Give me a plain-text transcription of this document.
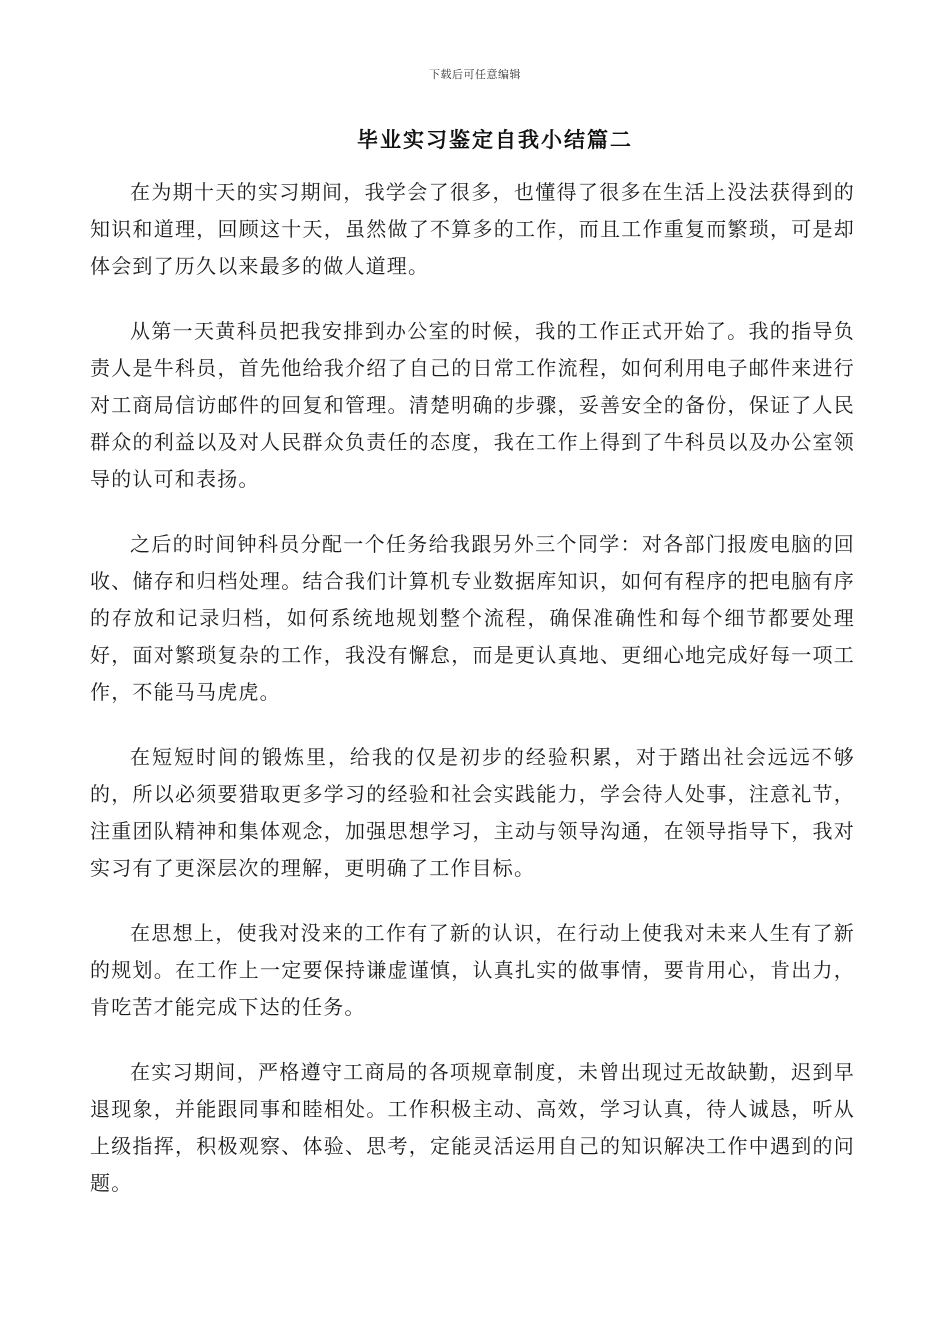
下载后可任意编辑
毕业实习鉴定自我小结篇二

在为期十天的实习期间，我学会了很多，也懂得了很多在生活上没法获得到的知识和道理，回顾这十天，虽然做了不算多的工作，而且工作重复而繁琐，可是却体会到了历久以来最多的做人道理。

从第一天黄科员把我安排到办公室的时候，我的工作正式开始了。我的指导负责人是牛科员，首先他给我介绍了自己的日常工作流程，如何利用电子邮件来进行对工商局信访邮件的回复和管理。清楚明确的步骤，妥善安全的备份，保证了人民群众的利益以及对人民群众负责任的态度，我在工作上得到了牛科员以及办公室领导的认可和表扬。

之后的时间钟科员分配一个任务给我跟另外三个同学：对各部门报废电脑的回收、储存和归档处理。结合我们计算机专业数据库知识，如何有程序的把电脑有序的存放和记录归档，如何系统地规划整个流程，确保准确性和每个细节都要处理好，面对繁琐复杂的工作，我没有懈怠，而是更认真地、更细心地完成好每一项工作，不能马马虎虎。

在短短时间的锻炼里，给我的仅是初步的经验积累，对于踏出社会远远不够的，所以必须要猎取更多学习的经验和社会实践能力，学会待人处事，注意礼节，注重团队精神和集体观念，加强思想学习，主动与领导沟通，在领导指导下，我对实习有了更深层次的理解，更明确了工作目标。

在思想上，使我对没来的工作有了新的认识，在行动上使我对未来人生有了新的规划。在工作上一定要保持谦虚谨慎，认真扎实的做事情，要肯用心，肯出力，肯吃苦才能完成下达的任务。

在实习期间，严格遵守工商局的各项规章制度，未曾出现过无故缺勤，迟到早退现象，并能跟同事和睦相处。工作积极主动、高效，学习认真，待人诚恳，听从上级指挥，积极观察、体验、思考，定能灵活运用自己的知识解决工作中遇到的问题。
